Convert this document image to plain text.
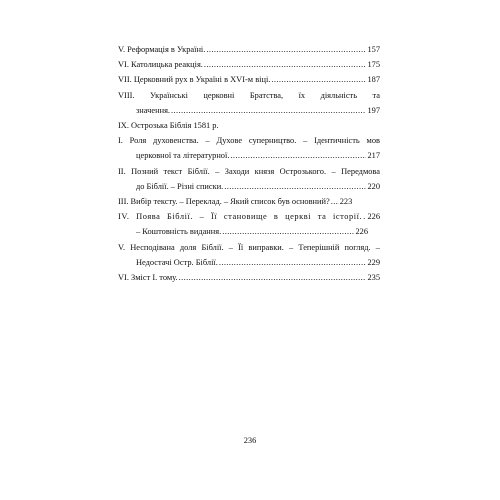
V. Реформація в Україні. .....	157
VI. Католицька реакція. .....	175
VII. Церковний рух в Україні в XVI-м віці. .....	187
VIII. Українські церковні Братства, їх діяльність та
значення. .....	197
IX. Острозька Біблія 1581 р.
I. Роля духовенства. – Духове суперництво. – Ідентичність мов
церковної та літературної. .....	217
II. Позний текст Біблії. – Заходи князя Острозького. – Передмова
до Біблії. – Різні списки. .....	220
III. Вибір тексту. – Переклад. – Який список був основний? ..... 223
IV. Поява Біблії. – Її становище в церкві та історії. ..... 226
– Коштовність видання. .....	226
V. Несподівана доля Біблії. – Її виправки. – Теперішній погляд. –
Недостачі Остр. Біблії. .....	229
VI. Зміст I. тому. .....	235
236
